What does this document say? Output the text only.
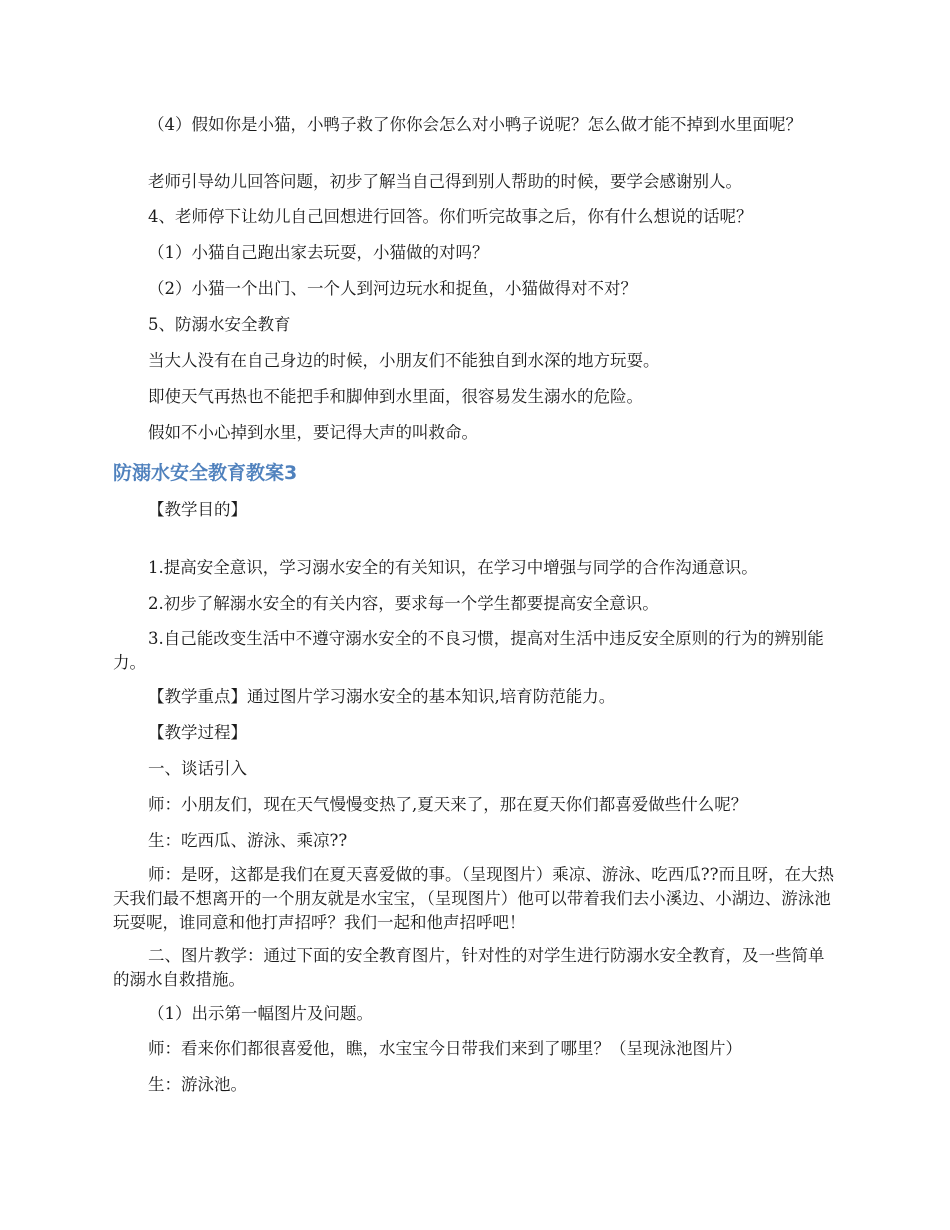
（4）假如你是小猫，小鸭子救了你你会怎么对小鸭子说呢？怎么做才能不掉到水里面呢？
老师引导幼儿回答问题，初步了解当自己得到别人帮助的时候，要学会感谢别人。
4、老师停下让幼儿自己回想进行回答。你们听完故事之后，你有什么想说的话呢？
（1）小猫自己跑出家去玩耍，小猫做的对吗？
（2）小猫一个出门、一个人到河边玩水和捉鱼，小猫做得对不对？
5、防溺水安全教育
当大人没有在自己身边的时候，小朋友们不能独自到水深的地方玩耍。
即使天气再热也不能把手和脚伸到水里面，很容易发生溺水的危险。
假如不小心掉到水里，要记得大声的叫救命。
防溺水安全教育教案3
【教学目的】
1.提高安全意识，学习溺水安全的有关知识，在学习中增强与同学的合作沟通意识。
2.初步了解溺水安全的有关内容，要求每一个学生都要提高安全意识。
3.自己能改变生活中不遵守溺水安全的不良习惯，提高对生活中违反安全原则的行为的辨别能力。
【教学重点】通过图片学习溺水安全的基本知识,培育防范能力。
【教学过程】
一、谈话引入
师：小朋友们，现在天气慢慢变热了,夏天来了，那在夏天你们都喜爱做些什么呢？
生：吃西瓜、游泳、乘凉??
师：是呀，这都是我们在夏天喜爱做的事。（呈现图片）乘凉、游泳、吃西瓜??而且呀，在大热天我们最不想离开的一个朋友就是水宝宝，（呈现图片）他可以带着我们去小溪边、小湖边、游泳池玩耍呢，谁同意和他打声招呼？我们一起和他声招呼吧！
二、图片教学：通过下面的安全教育图片，针对性的对学生进行防溺水安全教育，及一些简单的溺水自救措施。
（1）出示第一幅图片及问题。
师：看来你们都很喜爱他，瞧，水宝宝今日带我们来到了哪里？（呈现泳池图片）
生：游泳池。
